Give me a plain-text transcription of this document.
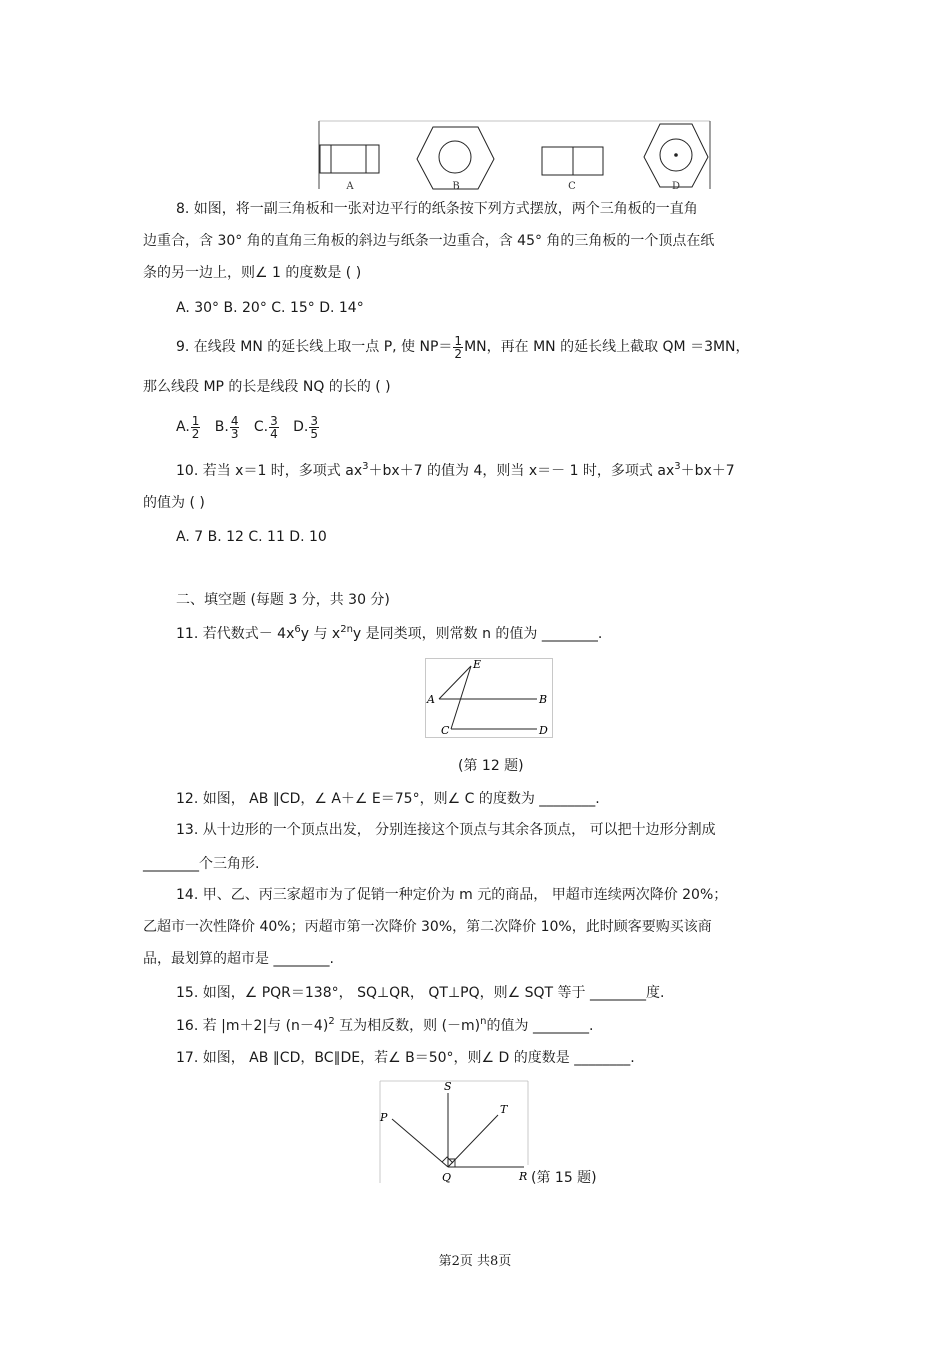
A	B	C	D
8. 如图，将一副三角板和一张对边平行的纸条按下列方式摆放，两个三角板的一直角
边重合，含 30° 角的直角三角板的斜边与纸条一边重合，含 45° 角的三角板的一个顶点在纸
条的另一边上，则∠ 1 的度数是 ( )
A. 30° B. 20° C. 15° D. 14°
9. 在线段 MN 的延长线上取一点 P, 使 $NP= \frac{1}{2}$ MN，再在 MN 的延长线上截取 QM ＝3MN，
那么线段 MP 的长是线段 NQ 的长的 ( )
A. $\frac{1}{2} B$. $\frac{4}{3} C$. $\frac{3}{4} D$. $\frac{3}{5}$
10. 若当 x＝1 时，多项式 $ax^3+bx+7$ 的值为 4，则当 x＝－ 1 时，多项式 $ax^3+bx+7$
的值为 ( )
A. 7 B. 12 C. 11 D. 10
二、填空题 (每题 3 分，共 30 分)
11. 若代数式－ $4x^6y$ 与 $x^{2n}y$ 是同类项，则常数 n 的值为 ________.
E
A	B
C	D
(第 12 题)
12. 如图， AB ∥CD，∠ A＋∠ E＝75°，则∠ C 的度数为 ________.
13. 从十边形的一个顶点出发， 分别连接这个顶点与其余各顶点， 可以把十边形分割成
________个三角形.
14. 甲、乙、丙三家超市为了促销一种定价为 m 元的商品， 甲超市连续两次降价 20%；
乙超市一次性降价 40%；丙超市第一次降价 30%，第二次降价 10%，此时顾客要购买该商
品，最划算的超市是 ________.
15. 如图，∠ PQR＝138°， SQ⊥QR， QT⊥PQ，则∠ SQT 等于 ________度.
16. 若 |m＋2|与 $(n-4)^2$ 互为相反数，则 $(-m)^n$的值为 ________.
17. 如图， AB ∥CD，BC∥DE，若∠ B＝50°，则∠ D 的度数是 ________.
S
T
P
Q	R (第 15 题)
第2页 共8页
